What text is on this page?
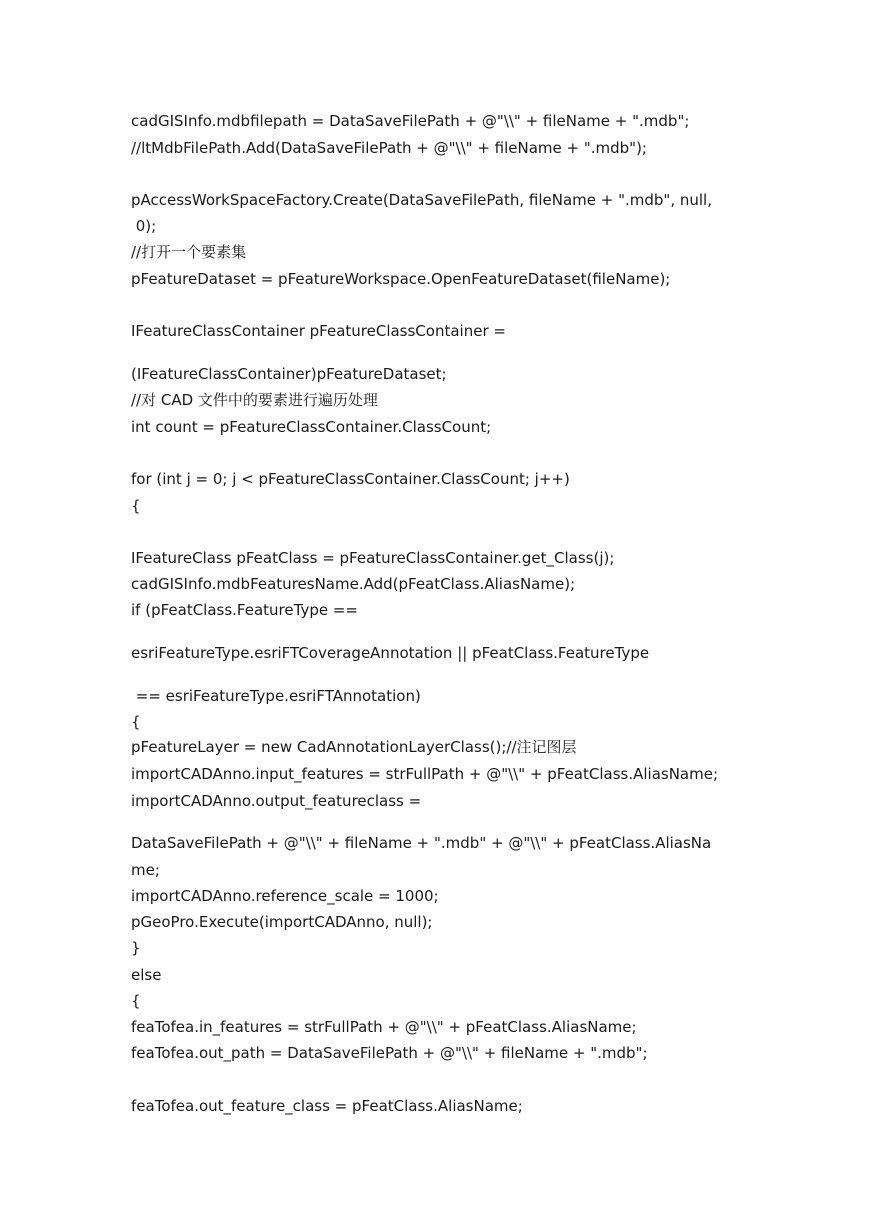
cadGISInfo.mdbfilepath = DataSaveFilePath + @"\\" + fileName + ".mdb";
//ltMdbFilePath.Add(DataSaveFilePath + @"\\" + fileName + ".mdb");
pAccessWorkSpaceFactory.Create(DataSaveFilePath, fileName + ".mdb", null,
0);
//打开一个要素集
pFeatureDataset = pFeatureWorkspace.OpenFeatureDataset(fileName);
IFeatureClassContainer pFeatureClassContainer =
(IFeatureClassContainer)pFeatureDataset;
//对 CAD 文件中的要素进行遍历处理
int count = pFeatureClassContainer.ClassCount;
for (int j = 0; j < pFeatureClassContainer.ClassCount; j++)
{
IFeatureClass pFeatClass = pFeatureClassContainer.get_Class(j);
cadGISInfo.mdbFeaturesName.Add(pFeatClass.AliasName);
if (pFeatClass.FeatureType ==
esriFeatureType.esriFTCoverageAnnotation || pFeatClass.FeatureType
== esriFeatureType.esriFTAnnotation)
{
pFeatureLayer = new CadAnnotationLayerClass();//注记图层
importCADAnno.input_features = strFullPath + @"\\" + pFeatClass.AliasName;
importCADAnno.output_featureclass =
DataSaveFilePath + @"\\" + fileName + ".mdb" + @"\\" + pFeatClass.AliasNa
me;
importCADAnno.reference_scale = 1000;
pGeoPro.Execute(importCADAnno, null);
}
else
{
feaTofea.in_features = strFullPath + @"\\" + pFeatClass.AliasName;
feaTofea.out_path = DataSaveFilePath + @"\\" + fileName + ".mdb";
feaTofea.out_feature_class = pFeatClass.AliasName;
